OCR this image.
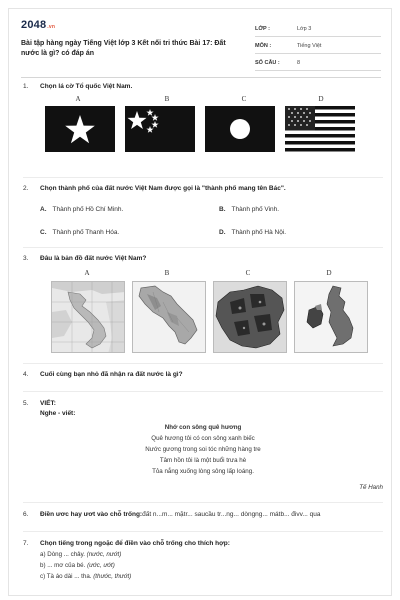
2048.vn
Bài tập hàng ngày Tiếng Việt lớp 3 Kết nối tri thức Bài 17: Đất nước là gì? có đáp án
LỚP :	Lớp 3
MÔN :	Tiếng Việt
SỐ CÂU :	8
1. Chọn lá cờ Tổ quốc Việt Nam.
A	B	C	D
2. Chọn thành phố của đất nước Việt Nam được gọi là "thành phố mang tên Bác".
A. Thành phố Hồ Chí Minh.	B. Thành phố Vinh.
C. Thành phố Thanh Hóa.	D. Thành phố Hà Nội.
3. Đâu là bản đồ đất nước Việt Nam?
A	B	C	D
4. Cuối cùng bạn nhỏ đã nhận ra đất nước là gì?
5. VIẾT:
Nghe - viết:
Nhớ con sông quê hương
Quê hương tôi có con sông xanh biếc
Nước gương trong soi tóc những hàng tre
Tâm hồn tôi là một buổi trưa hè
Tỏa nắng xuống lòng sông lấp loáng.
Tế Hanh
6. Điền ươc hay ươt vào chỗ trống:đất n...m... mặtr... saucầu tr...ng... dòngng... mátb... đivv... qua
7. Chọn tiếng trong ngoặc để điền vào chỗ trống cho thích hợp:
a) Dòng ... chảy. (nước, nướt)
b) ... mơ của bé. (ước, ướt)
c) Tà áo dài ... tha. (thước, thướt)
